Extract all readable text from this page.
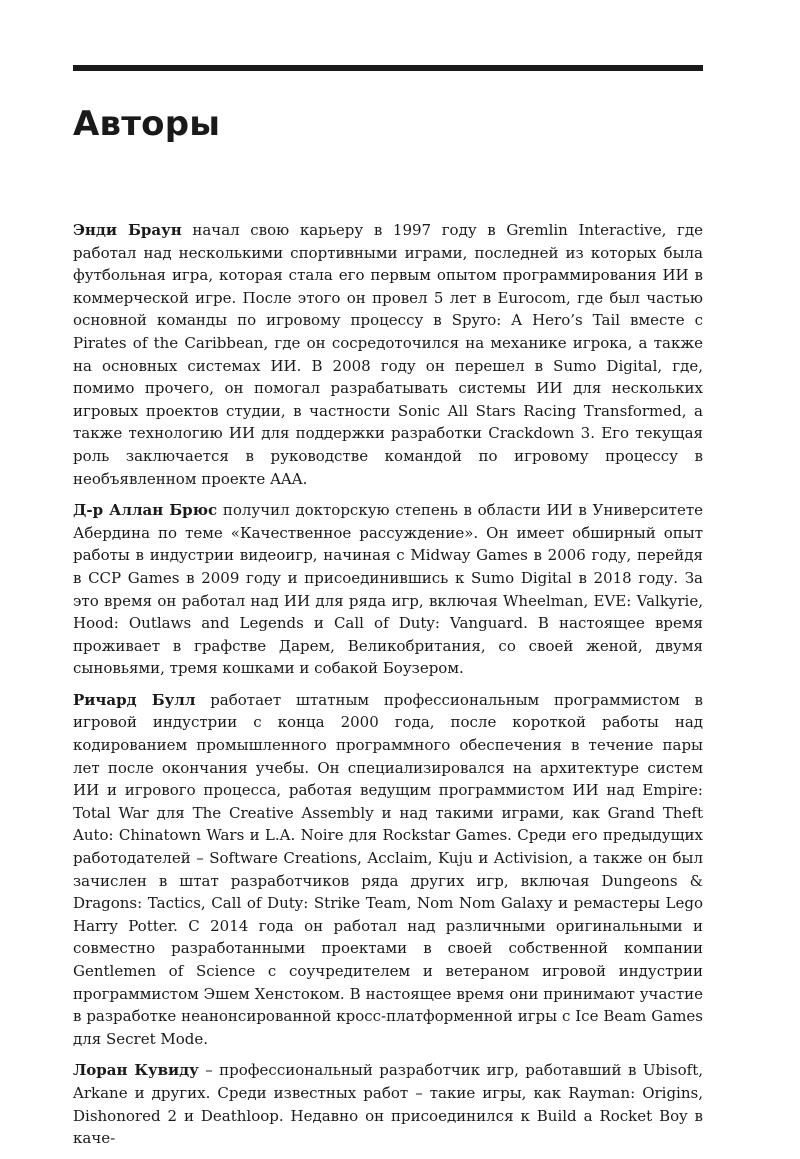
Авторы

Энди Браун начал свою карьеру в 1997 году в Gremlin Interactive, где работал над несколькими спортивными играми, последней из которых была футбольная игра, которая стала его первым опытом программирования ИИ в коммерческой игре. После этого он провел 5 лет в Eurocom, где был частью основной команды по игровому процессу в Spyro: A Hero’s Tail вместе с Pirates of the Caribbean, где он сосредоточился на механике игрока, а также на основных системах ИИ. В 2008 году он перешел в Sumo Digital, где, помимо прочего, он помогал разрабатывать системы ИИ для нескольких игровых проектов студии, в частности Sonic All Stars Racing Transformed, а также технологию ИИ для поддержки разработки Crackdown 3. Его текущая роль заключается в руководстве командой по игровому процессу в необъявленном проекте AAA.

Д-р Аллан Брюс получил докторскую степень в области ИИ в Университете Абердина по теме «Качественное рассуждение». Он имеет обширный опыт работы в индустрии видеоигр, начиная с Midway Games в 2006 году, перейдя в CCP Games в 2009 году и присоединившись к Sumo Digital в 2018 году. За это время он работал над ИИ для ряда игр, включая Wheelman, EVE: Valkyrie, Hood: Outlaws and Legends и Call of Duty: Vanguard. В настоящее время проживает в графстве Дарем, Великобритания, со своей женой, двумя сыновьями, тремя кошками и собакой Боузером.

Ричард Булл работает штатным профессиональным программистом в игровой индустрии с конца 2000 года, после короткой работы над кодированием промышленного программного обеспечения в течение пары лет после окончания учебы. Он специализировался на архитектуре систем ИИ и игрового процесса, работая ведущим программистом ИИ над Empire: Total War для The Creative Assembly и над такими играми, как Grand Theft Auto: Chinatown Wars и L.A. Noire для Rockstar Games. Среди его предыдущих работодателей – Software Creations, Acclaim, Kuju и Activision, а также он был зачислен в штат разработчиков ряда других игр, включая Dungeons & Dragons: Tactics, Call of Duty: Strike Team, Nom Nom Galaxy и ремастеры Lego Harry Potter. С 2014 года он работал над различными оригинальными и совместно разработанными проектами в своей собственной компании Gentlemen of Science с соучредителем и ветераном игровой индустрии программистом Эшем Хенстоком. В настоящее время они принимают участие в разработке неанонсированной кросс-платформенной игры с Ice Beam Games для Secret Mode.

Лоран Кувиду – профессиональный разработчик игр, работавший в Ubisoft, Arkane и других. Среди известных работ – такие игры, как Rayman: Origins, Dishonored 2 и Deathloop. Недавно он присоединился к Build a Rocket Boy в каче-
